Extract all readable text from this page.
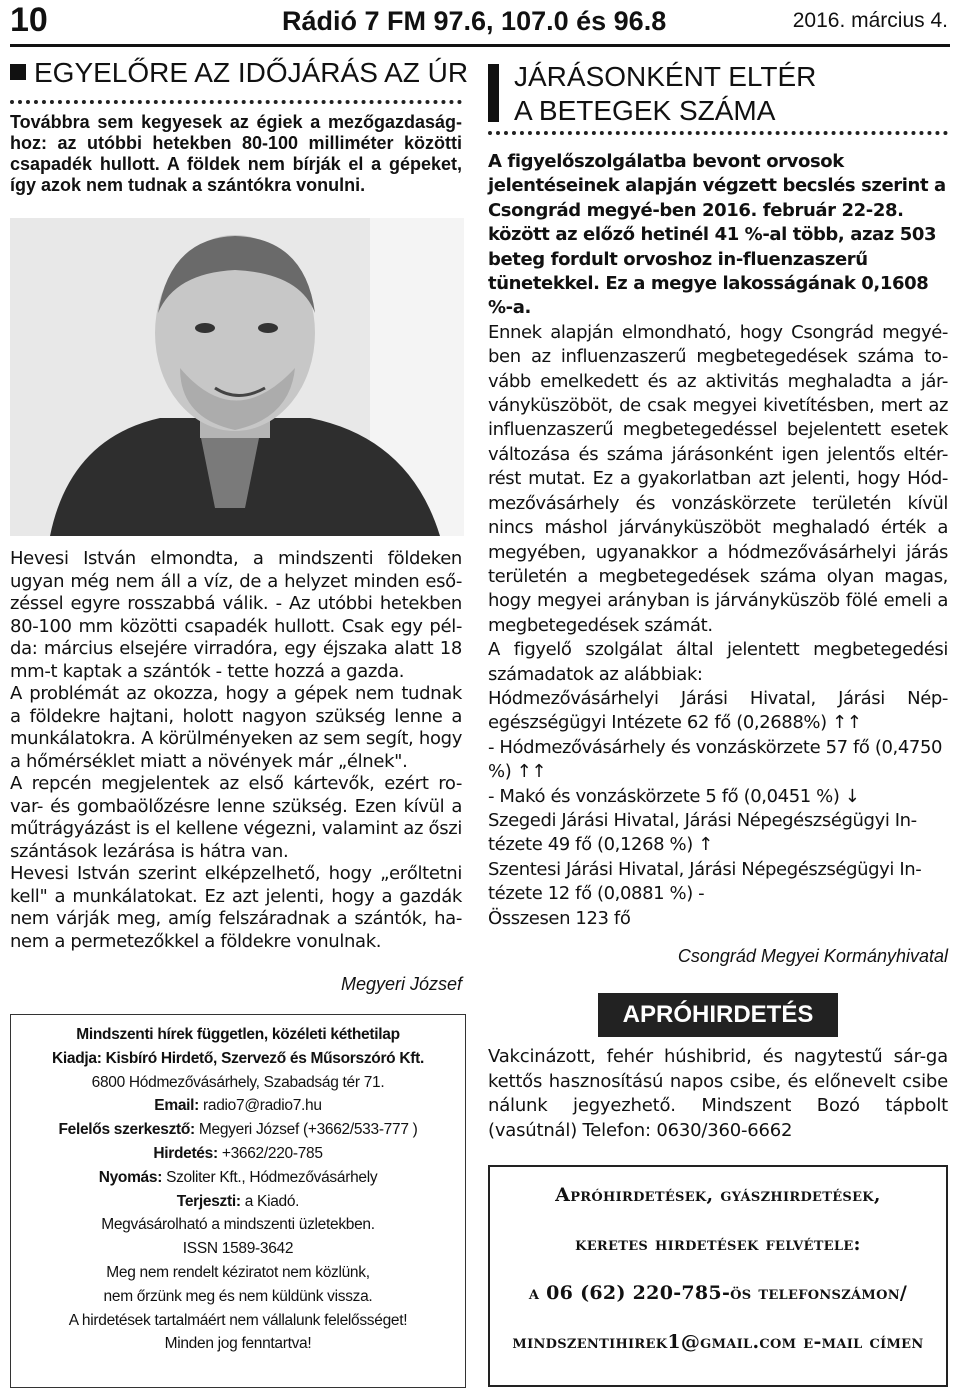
10	Rádió 7 FM 97.6, 107.0 és 96.8	2016. március 4.
EGYELŐRE AZ IDŐJÁRÁS AZ ÚR
Továbbra sem kegyesek az égiek a mezőgazdaság-hoz: az utóbbi hetekben 80-100 milliméter közötti csapadék hullott. A földek nem bírják el a gépeket, így azok nem tudnak a szántókra vonulni.

Hevesi István elmondta, a mindszenti földeken ugyan még nem áll a víz, de a helyzet minden eső-zéssel egyre rosszabbá válik. - Az utóbbi hetekben 80-100 mm közötti csapadék hullott. Csak egy pél-da: március elsejére virradóra, egy éjszaka alatt 18 mm-t kaptak a szántók - tette hozzá a gazda.

A problémát az okozza, hogy a gépek nem tudnak a földekre hajtani, holott nagyon szükség lenne a munkálatokra. A körülményeken az sem segít, hogy a hőmérséklet miatt a növények már „élnek".

A repcén megjelentek az első kártevők, ezért ro-var- és gombaölőzésre lenne szükség. Ezen kívül a műtrágyázást is el kellene végezni, valamint az őszi szántások lezárása is hátra van.

Hevesi István szerint elképzelhető, hogy „erőltetni kell" a munkálatokat. Ez azt jelenti, hogy a gazdák nem várják meg, amíg felszáradnak a szántók, ha-nem a permetezőkkel a földekre vonulnak.

Megyeri József
Mindszenti hírek független, közéleti kéthetilap
Kiadja: Kisbíró Hirdető, Szervező és Műsorszóró Kft.
6800 Hódmezővásárhely, Szabadság tér 71.
Email: radio7@radio7.hu
Felelős szerkesztő: Megyeri József (+3662/533-777 )
Hirdetés: +3662/220-785
Nyomás: Szoliter Kft., Hódmezővásárhely
Terjeszti: a Kiadó.
Megvásárolható a mindszenti üzletekben.
ISSN 1589-3642
Meg nem rendelt kéziratot nem közlünk,
nem őrzünk meg és nem küldünk vissza.
A hirdetések tartalmáért nem vállalunk felelősséget!
Minden jog fenntartva!
JÁRÁSONKÉNT ELTÉR
A BETEGEK SZÁMA

A figyelőszolgálatba bevont orvosok jelentéseinek alapján végzett becslés szerint a Csongrád megyé-ben 2016. február 22-28. között az előző hetinél 41 %-al több, azaz 503 beteg fordult orvoshoz in-fluenzaszerű tünetekkel. Ez a megye lakosságának 0,1608 %-a.

Ennek alapján elmondható, hogy Csongrád megyé-ben az influenzaszerű megbetegedések száma to-vább emelkedett és az aktivitás meghaladta a jár-ványküszöböt, de csak megyei kivetítésben, mert az influenzaszerű megbetegedéssel bejelentett esetek változása és száma járásonként igen jelentős eltér-rést mutat. Ez a gyakorlatban azt jelenti, hogy Hód-mezővásárhely és vonzáskörzete területén kívül nincs máshol járványküszöböt meghaladó érték a megyében, ugyanakkor a hódmezővásárhelyi járás területén a megbetegedések száma olyan magas, hogy megyei arányban is járványküszöb fölé emeli a megbetegedések számát.

A figyelő szolgálat által jelentett megbetegedési számadatok az alábbiak:

Hódmezővásárhelyi Járási Hivatal, Járási Nép-egészségügyi Intézete 62 fő (0,2688%) ↑↑

- Hódmezővásárhely és vonzáskörzete 57 fő (0,4750 %) ↑↑

- Makó és vonzáskörzete 5 fő (0,0451 %) ↓

Szegedi Járási Hivatal, Járási Népegészségügyi In-tézete 49 fő (0,1268 %) ↑

Szentesi Járási Hivatal, Járási Népegészségügyi In-tézete 12 fő (0,0881 %) -

Összesen 123 fő

Csongrád Megyei Kormányhivatal
APRÓHIRDETÉS
Vakcinázott, fehér húshibrid, és nagytestű sár-ga kettős hasznosítású napos csibe, és előnevelt csibe nálunk jegyezhető. Mindszent Bozó tápbolt (vasútnál) Telefon: 0630/360-6662
Apróhirdetések, gyászhirdetések,
keretes hirdetések felvétele:
a 06 (62) 220-785-ös telefonszámon/
mindszentihirek1@gmail.com e-mail címen
